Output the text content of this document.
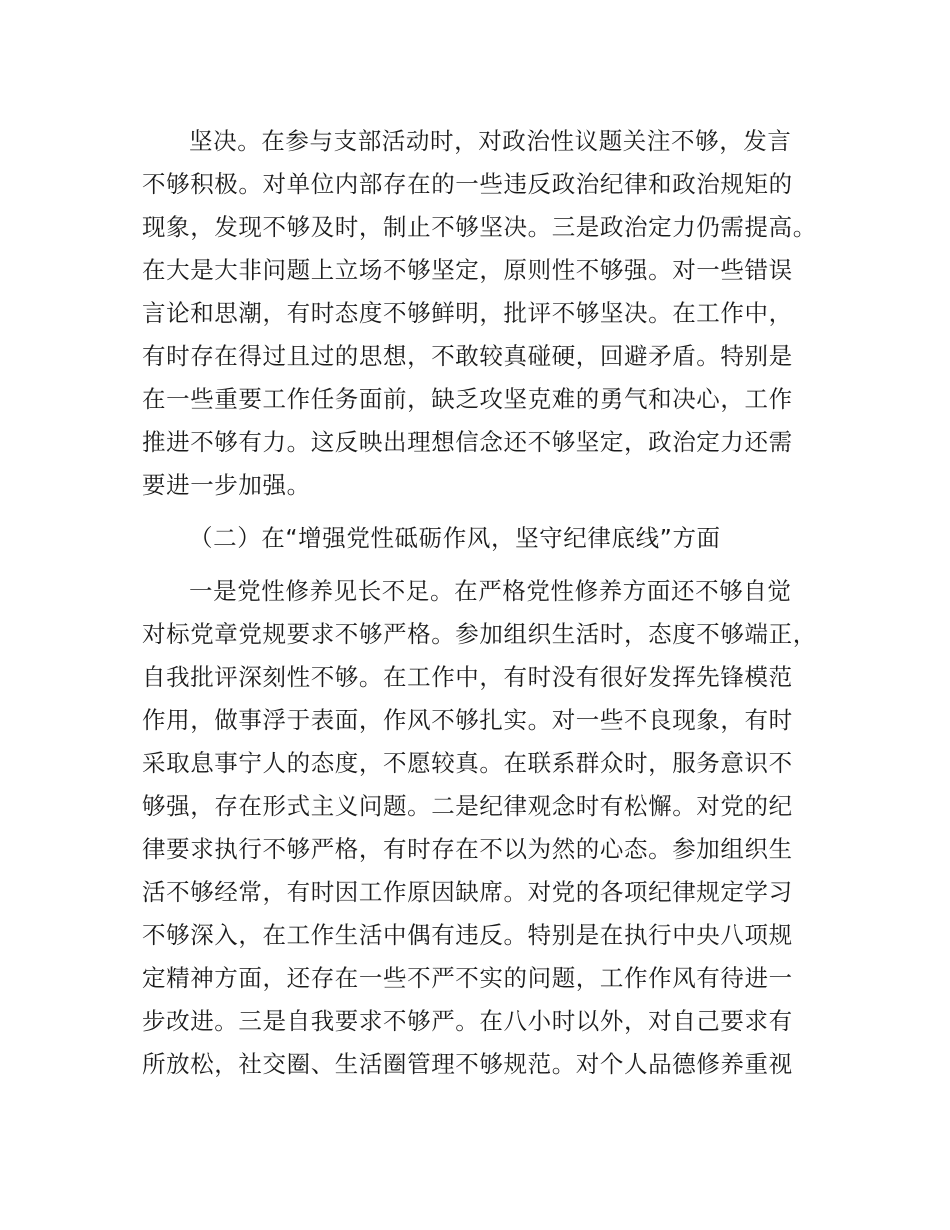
坚决。在参与支部活动时，对政治性议题关注不够，发言
不够积极。对单位内部存在的一些违反政治纪律和政治规矩的
现象，发现不够及时，制止不够坚决。三是政治定力仍需提高。
在大是大非问题上立场不够坚定，原则性不够强。对一些错误
言论和思潮，有时态度不够鲜明，批评不够坚决。在工作中，
有时存在得过且过的思想，不敢较真碰硬，回避矛盾。特别是
在一些重要工作任务面前，缺乏攻坚克难的勇气和决心，工作
推进不够有力。这反映出理想信念还不够坚定，政治定力还需
要进一步加强。
（二）在“增强党性砥砺作风，坚守纪律底线”方面
一是党性修养见长不足。在严格党性修养方面还不够自觉
对标党章党规要求不够严格。参加组织生活时，态度不够端正，
自我批评深刻性不够。在工作中，有时没有很好发挥先锋模范
作用，做事浮于表面，作风不够扎实。对一些不良现象，有时
采取息事宁人的态度，不愿较真。在联系群众时，服务意识不
够强，存在形式主义问题。二是纪律观念时有松懈。对党的纪
律要求执行不够严格，有时存在不以为然的心态。参加组织生
活不够经常，有时因工作原因缺席。对党的各项纪律规定学习
不够深入，在工作生活中偶有违反。特别是在执行中央八项规
定精神方面，还存在一些不严不实的问题，工作作风有待进一
步改进。三是自我要求不够严。在八小时以外，对自己要求有
所放松，社交圈、生活圈管理不够规范。对个人品德修养重视
